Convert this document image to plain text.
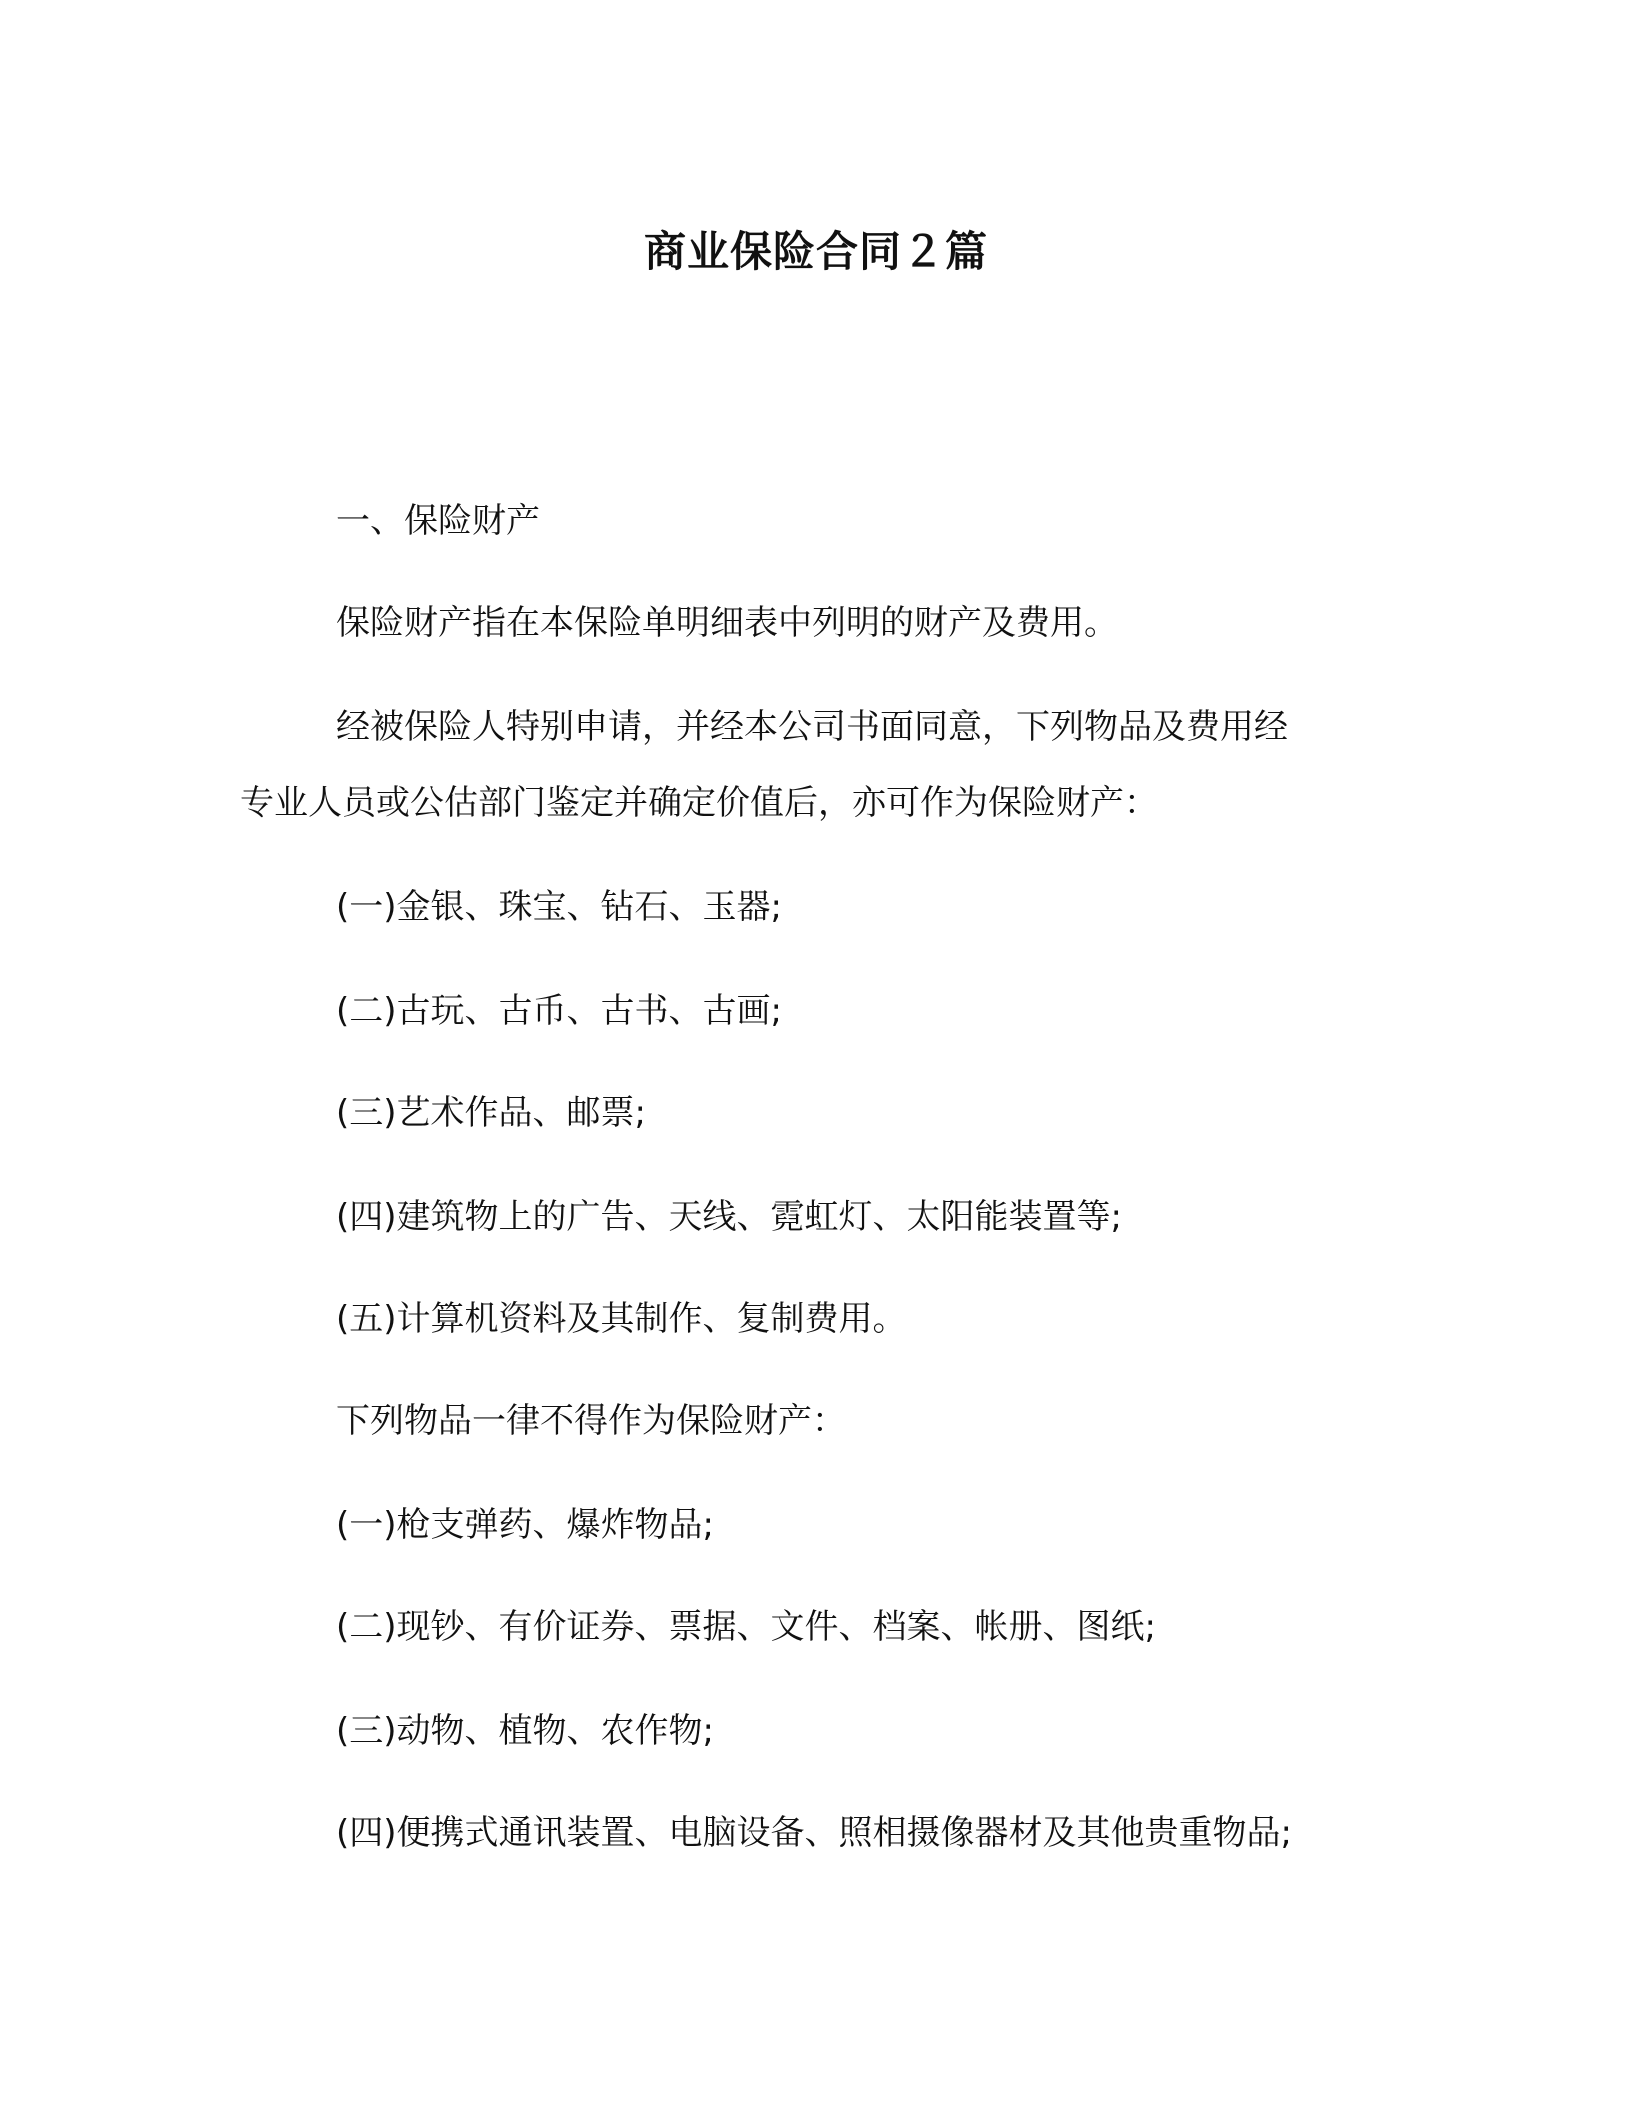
商业保险合同２篇
一、保险财产
保险财产指在本保险单明细表中列明的财产及费用。
经被保险人特别申请，并经本公司书面同意，下列物品及费用经
专业人员或公估部门鉴定并确定价值后，亦可作为保险财产：
(一)金银、珠宝、钻石、玉器;
(二)古玩、古币、古书、古画;
(三)艺术作品、邮票;
(四)建筑物上的广告、天线、霓虹灯、太阳能装置等;
(五)计算机资料及其制作、复制费用。
下列物品一律不得作为保险财产：
(一)枪支弹药、爆炸物品;
(二)现钞、有价证券、票据、文件、档案、帐册、图纸;
(三)动物、植物、农作物;
(四)便携式通讯装置、电脑设备、照相摄像器材及其他贵重物品;
